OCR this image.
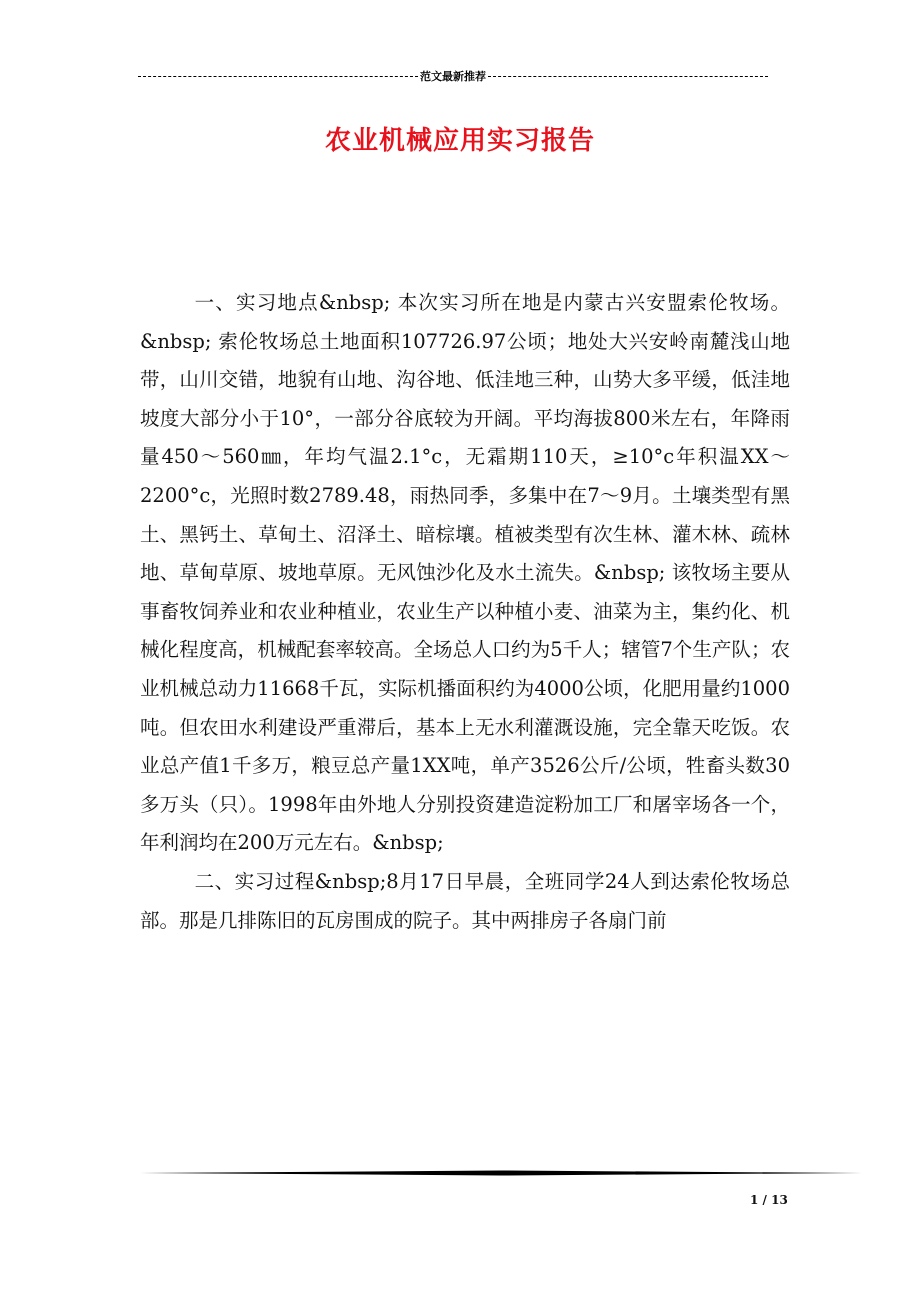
范文最新推荐
农业机械应用实习报告

一、实习地点&nbsp; 本次实习所在地是内蒙古兴安盟索伦牧场。&nbsp; 索伦牧场总土地面积107726.97公顷；地处大兴安岭南麓浅山地带，山川交错，地貌有山地、沟谷地、低洼地三种，山势大多平缓，低洼地坡度大部分小于10°，一部分谷底较为开阔。平均海拔800米左右，年降雨量450～560㎜，年均气温2.1°c，无霜期110天，≥10°c年积温XX～2200°c，光照时数2789.48，雨热同季，多集中在7～9月。土壤类型有黑土、黑钙土、草甸土、沼泽土、暗棕壤。植被类型有次生林、灌木林、疏林地、草甸草原、坡地草原。无风蚀沙化及水土流失。&nbsp; 该牧场主要从事畜牧饲养业和农业种植业，农业生产以种植小麦、油菜为主，集约化、机械化程度高，机械配套率较高。全场总人口约为5千人；辖管7个生产队；农业机械总动力11668千瓦，实际机播面积约为4000公顷，化肥用量约1000吨。但农田水利建设严重滞后，基本上无水利灌溉设施，完全靠天吃饭。农业总产值1千多万，粮豆总产量1XX吨，单产3526公斤/公顷，牲畜头数30多万头（只）。1998年由外地人分别投资建造淀粉加工厂和屠宰场各一个，年利润均在200万元左右。&nbsp;

二、实习过程&nbsp;8月17日早晨，全班同学24人到达索伦牧场总部。那是几排陈旧的瓦房围成的院子。其中两排房子各扇门前

1 / 13
